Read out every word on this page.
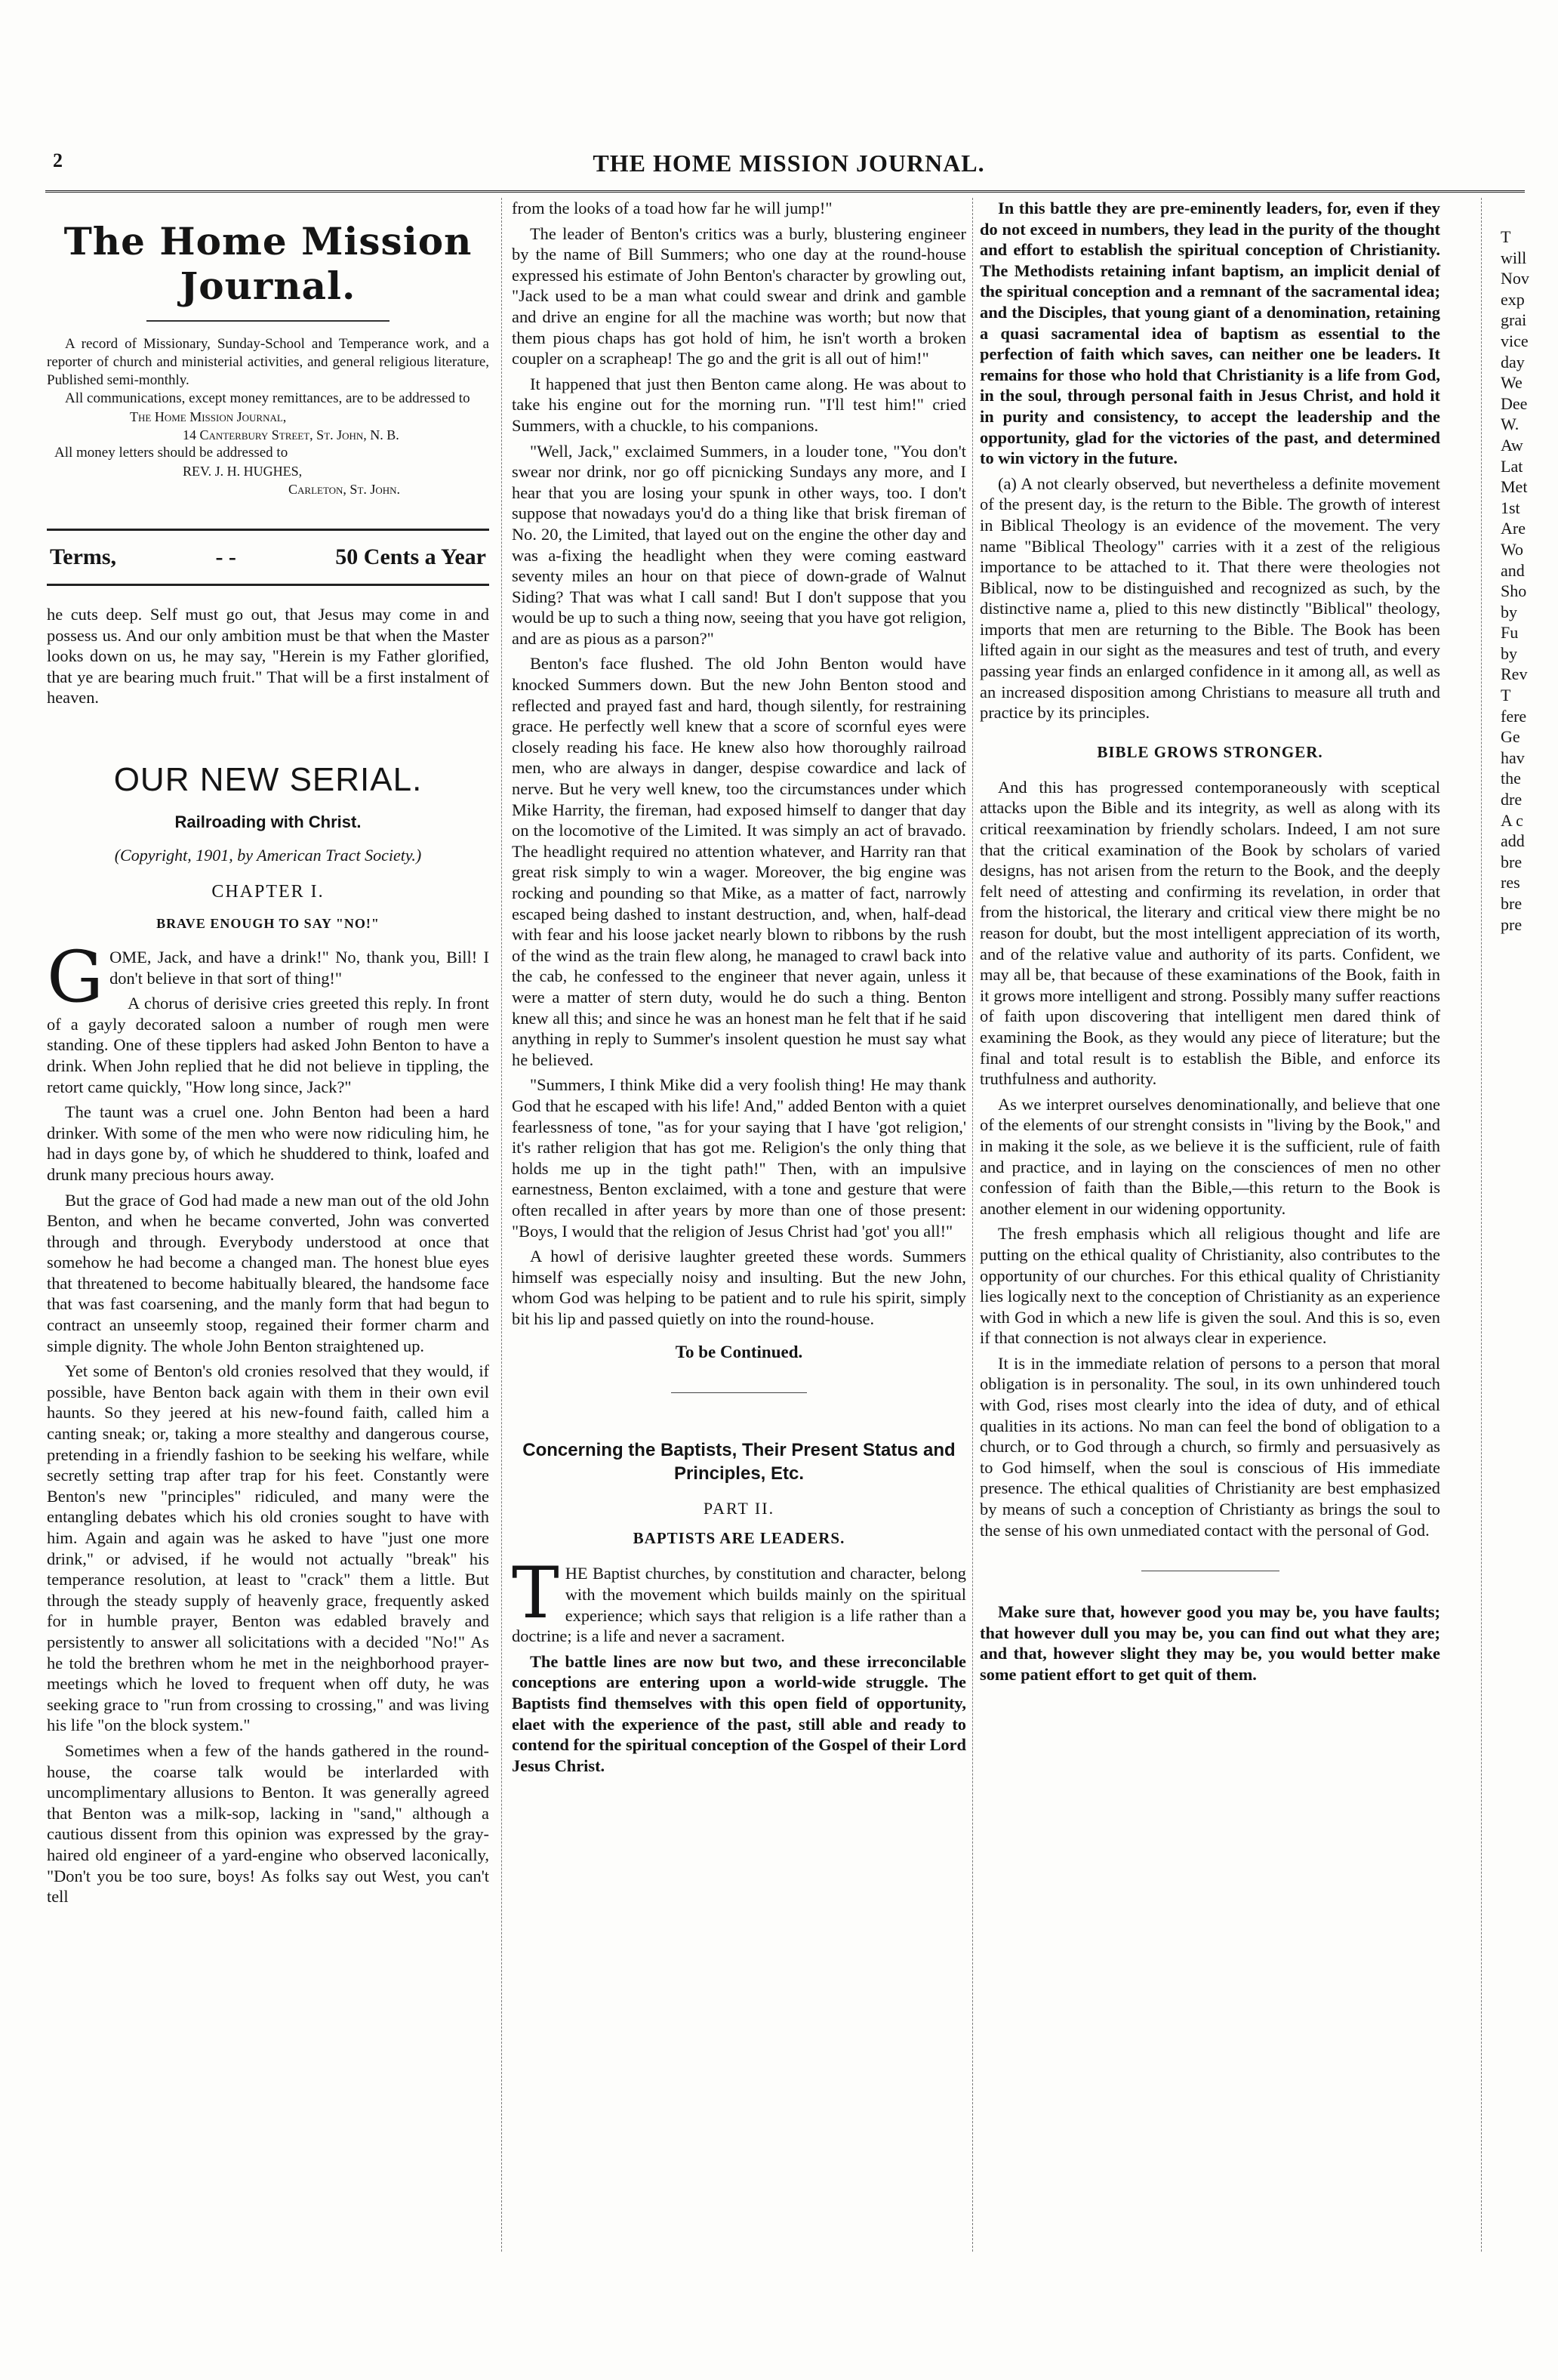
2	THE HOME MISSION JOURNAL.
The Home Mission Journal.

A record of Missionary, Sunday-School and Temperance work, and a reporter of church and ministerial activities, and general religious literature, Published semi-monthly.

All communications, except money remittances, are to be addressed to

The Home Mission Journal,
14 Canterbury Street, St. John, N. B.
All money letters should be addressed to
REV. J. H. HUGHES,
Carleton, St. John.
Terms,	- -	50 Cents a Year

he cuts deep. Self must go out, that Jesus may come in and possess us. And our only ambition must be that when the Master looks down on us, he may say, "Herein is my Father glorified, that ye are bearing much fruit." That will be a first instalment of heaven.

OUR NEW SERIAL.
Railroading with Christ.
(Copyright, 1901, by American Tract Society.)
CHAPTER I.
BRAVE ENOUGH TO SAY "NO!"

GOME, Jack, and have a drink!" No, thank you, Bill! I don't believe in that sort of thing!"

A chorus of derisive cries greeted this reply. In front of a gayly decorated saloon a number of rough men were standing. One of these tipplers had asked John Benton to have a drink. When John replied that he did not believe in tippling, the retort came quickly, "How long since, Jack?"

The taunt was a cruel one. John Benton had been a hard drinker. With some of the men who were now ridiculing him, he had in days gone by, of which he shuddered to think, loafed and drunk many precious hours away.

But the grace of God had made a new man out of the old John Benton, and when he became converted, John was converted through and through. Everybody understood at once that somehow he had become a changed man. The honest blue eyes that threatened to become habitually bleared, the handsome face that was fast coarsening, and the manly form that had begun to contract an unseemly stoop, regained their former charm and simple dignity. The whole John Benton straightened up.

Yet some of Benton's old cronies resolved that they would, if possible, have Benton back again with them in their own evil haunts. So they jeered at his new-found faith, called him a canting sneak; or, taking a more stealthy and dangerous course, pretending in a friendly fashion to be seeking his welfare, while secretly setting trap after trap for his feet. Constantly were Benton's new "principles" ridiculed, and many were the entangling debates which his old cronies sought to have with him. Again and again was he asked to have "just one more drink," or advised, if he would not actually "break" his temperance resolution, at least to "crack" them a little. But through the steady supply of heavenly grace, frequently asked for in humble prayer, Benton was edabled bravely and persistently to answer all solicitations with a decided "No!" As he told the brethren whom he met in the neighborhood prayer-meetings which he loved to frequent when off duty, he was seeking grace to "run from crossing to crossing," and was living his life "on the block system."

Sometimes when a few of the hands gathered in the round-house, the coarse talk would be interlarded with uncomplimentary allusions to Benton. It was generally agreed that Benton was a milk-sop, lacking in "sand," although a cautious dissent from this opinion was expressed by the gray-haired old engineer of a yard-engine who observed laconically, "Don't you be too sure, boys! As folks say out West, you can't tell

from the looks of a toad how far he will jump!"

The leader of Benton's critics was a burly, blustering engineer by the name of Bill Summers; who one day at the round-house expressed his estimate of John Benton's character by growling out, "Jack used to be a man what could swear and drink and gamble and drive an engine for all the machine was worth; but now that them pious chaps has got hold of him, he isn't worth a broken coupler on a scrapheap! The go and the grit is all out of him!"

It happened that just then Benton came along. He was about to take his engine out for the morning run. "I'll test him!" cried Summers, with a chuckle, to his companions.

"Well, Jack," exclaimed Summers, in a louder tone, "You don't swear nor drink, nor go off picnicking Sundays any more, and I hear that you are losing your spunk in other ways, too. I don't suppose that nowadays you'd do a thing like that brisk fireman of No. 20, the Limited, that layed out on the engine the other day and was a-fixing the headlight when they were coming eastward seventy miles an hour on that piece of down-grade of Walnut Siding? That was what I call sand! But I don't suppose that you would be up to such a thing now, seeing that you have got religion, and are as pious as a parson?"

Benton's face flushed. The old John Benton would have knocked Summers down. But the new John Benton stood and reflected and prayed fast and hard, though silently, for restraining grace. He perfectly well knew that a score of scornful eyes were closely reading his face. He knew also how thoroughly railroad men, who are always in danger, despise cowardice and lack of nerve. But he very well knew, too the circumstances under which Mike Harrity, the fireman, had exposed himself to danger that day on the locomotive of the Limited. It was simply an act of bravado. The headlight required no attention whatever, and Harrity ran that great risk simply to win a wager. Moreover, the big engine was rocking and pounding so that Mike, as a matter of fact, narrowly escaped being dashed to instant destruction, and, when, half-dead with fear and his loose jacket nearly blown to ribbons by the rush of the wind as the train flew along, he managed to crawl back into the cab, he confessed to the engineer that never again, unless it were a matter of stern duty, would he do such a thing. Benton knew all this; and since he was an honest man he felt that if he said anything in reply to Summer's insolent question he must say what he believed.

"Summers, I think Mike did a very foolish thing! He may thank God that he escaped with his life! And," added Benton with a quiet fearlessness of tone, "as for your saying that I have 'got religion,' it's rather religion that has got me. Religion's the only thing that holds me up in the tight path!" Then, with an impulsive earnestness, Benton exclaimed, with a tone and gesture that were often recalled in after years by more than one of those present: "Boys, I would that the religion of Jesus Christ had 'got' you all!"

A howl of derisive laughter greeted these words. Summers himself was especially noisy and insulting. But the new John, whom God was helping to be patient and to rule his spirit, simply bit his lip and passed quietly on into the round-house.

To be Continued.
Concerning the Baptists, Their Present Status and Principles, Etc.
PART II.
BAPTISTS ARE LEADERS.

THE Baptist churches, by constitution and character, belong with the movement which builds mainly on the spiritual experience; which says that religion is a life rather than a doctrine; is a life and never a sacrament.

The battle lines are now but two, and these irreconcilable conceptions are entering upon a world-wide struggle. The Baptists find themselves with this open field of opportunity, elaet with the experience of the past, still able and ready to contend for the spiritual conception of the Gospel of their Lord Jesus Christ.

In this battle they are pre-eminently leaders, for, even if they do not exceed in numbers, they lead in the purity of the thought and effort to establish the spiritual conception of Christianity. The Methodists retaining infant baptism, an implicit denial of the spiritual conception and a remnant of the sacramental idea; and the Disciples, that young giant of a denomination, retaining a quasi sacramental idea of baptism as essential to the perfection of faith which saves, can neither one be leaders. It remains for those who hold that Christianity is a life from God, in the soul, through personal faith in Jesus Christ, and hold it in purity and consistency, to accept the leadership and the opportunity, glad for the victories of the past, and determined to win victory in the future.

(a) A not clearly observed, but nevertheless a definite movement of the present day, is the return to the Bible. The growth of interest in Biblical Theology is an evidence of the movement. The very name "Biblical Theology" carries with it a zest of the religious importance to be attached to it. That there were theologies not Biblical, now to be distinguished and recognized as such, by the distinctive name a, plied to this new distinctly "Biblical" theology, imports that men are returning to the Bible. The Book has been lifted again in our sight as the measures and test of truth, and every passing year finds an enlarged confidence in it among all, as well as an increased disposition among Christians to measure all truth and practice by its principles.

BIBLE GROWS STRONGER.

And this has progressed contemporaneously with sceptical attacks upon the Bible and its integrity, as well as along with its critical reexamination by friendly scholars. Indeed, I am not sure that the critical examination of the Book by scholars of varied designs, has not arisen from the return to the Book, and the deeply felt need of attesting and confirming its revelation, in order that from the historical, the literary and critical view there might be no reason for doubt, but the most intelligent appreciation of its worth, and of the relative value and authority of its parts. Confident, we may all be, that because of these examinations of the Book, faith in it grows more intelligent and strong. Possibly many suffer reactions of faith upon discovering that intelligent men dared think of examining the Book, as they would any piece of literature; but the final and total result is to establish the Bible, and enforce its truthfulness and authority.

As we interpret ourselves denominationally, and believe that one of the elements of our strenght consists in "living by the Book," and in making it the sole, as we believe it is the sufficient, rule of faith and practice, and in laying on the consciences of men no other confession of faith than the Bible,—this return to the Book is another element in our widening opportunity.

The fresh emphasis which all religious thought and life are putting on the ethical quality of Christianity, also contributes to the opportunity of our churches. For this ethical quality of Christianity lies logically next to the conception of Christianity as an experience with God in which a new life is given the soul. And this is so, even if that connection is not always clear in experience.

It is in the immediate relation of persons to a person that moral obligation is in personality. The soul, in its own unhindered touch with God, rises most clearly into the idea of duty, and of ethical qualities in its actions. No man can feel the bond of obligation to a church, or to God through a church, so firmly and persuasively as to God himself, when the soul is conscious of His immediate presence. The ethical qualities of Christianity are best emphasized by means of such a conception of Christianty as brings the soul to the sense of his own unmediated contact with the personal of God.

Make sure that, however good you may be, you have faults; that however dull you may be, you can find out what they are; and that, however slight they may be, you would better make some patient effort to get quit of them.

T
will
Nov
exp
grai
vice
day
We
Dee
W.
Aw
Lat
Met
1st
Are
Wo
and
Sho
by
Fu
by
Rev
T
fere
Ge
hav
the
dre
A c
add
bre
res
bre
pre
